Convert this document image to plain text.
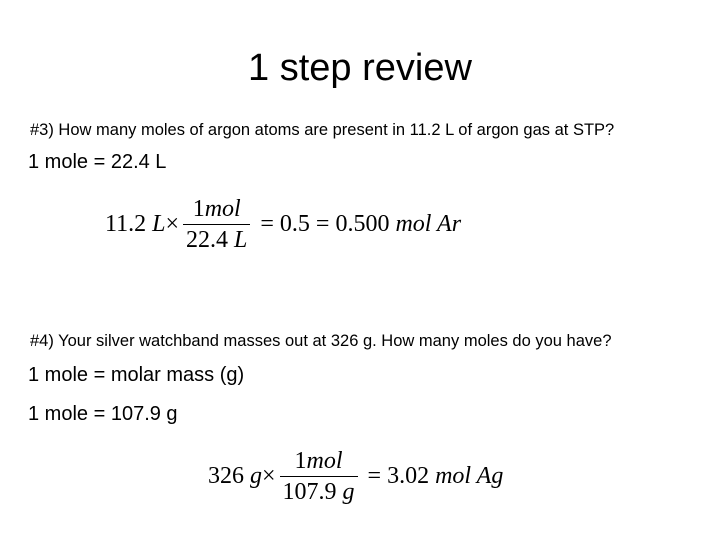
1 step review
#3) How many moles of argon atoms are present in 11.2 L of argon gas at STP?
1 mole = 22.4 L
11.2 $L \times \frac{\text{1mol}}{22.4 L} = 0.5 = 0.500$ mol Ar
#4) Your silver watchband masses out at 326 g. How many moles do you have?
1 mole = molar mass (g)
1 mole = 107.9 g
326 $g \times \frac{\text{1mol}}{107.9 g} = 3.02$ mol Ag
